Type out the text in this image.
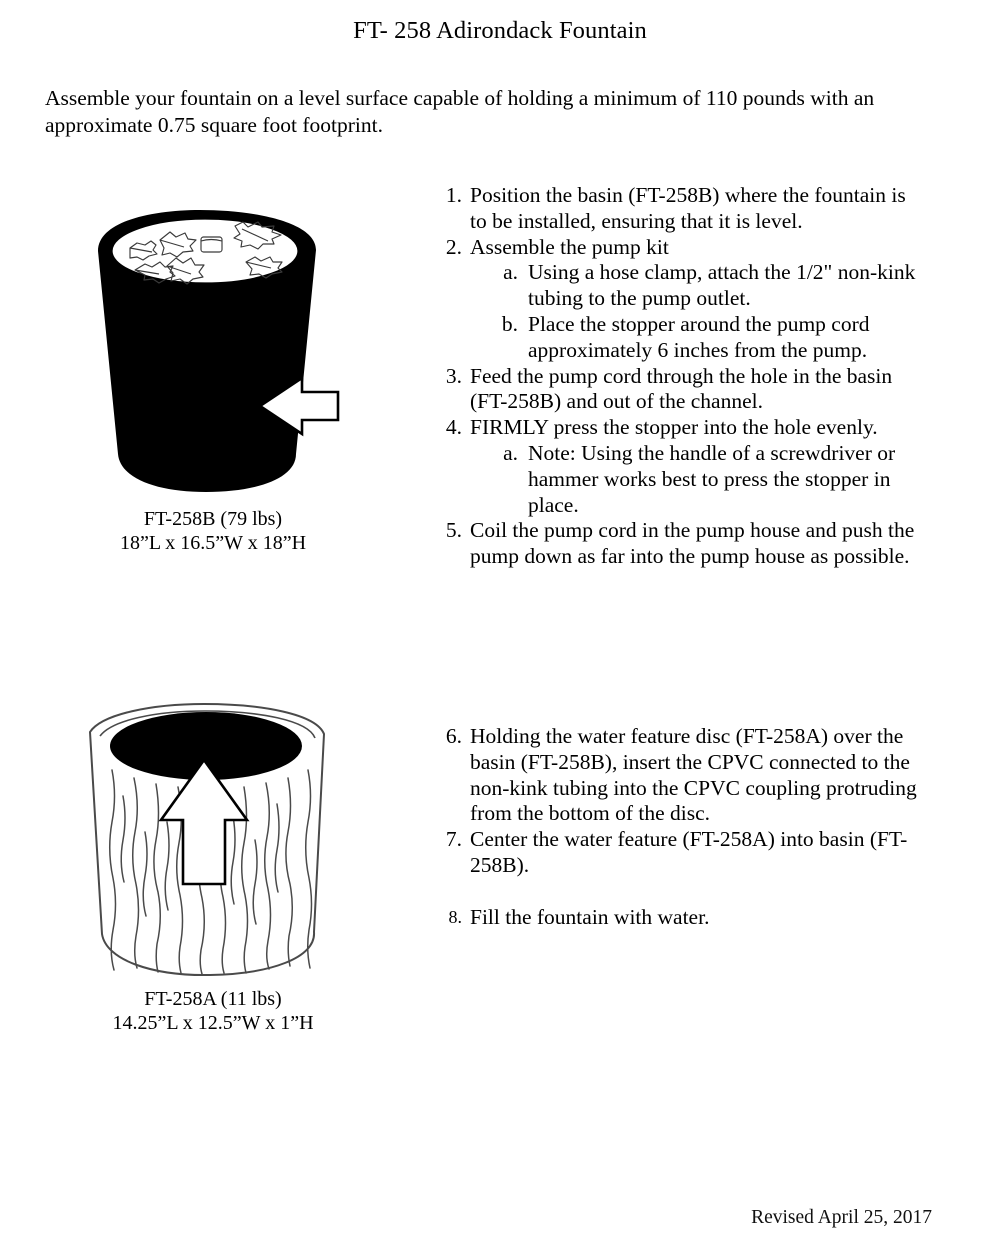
FT- 258 Adirondack Fountain
Assemble your fountain on a level surface capable of holding a minimum of 110 pounds with an approximate 0.75 square foot footprint.
FT-258B (79 lbs)
18”L x 16.5”W x 18”H
FT-258A (11 lbs)
14.25”L x 12.5”W x 1”H
1. Position the basin (FT-258B) where the fountain is to be installed, ensuring that it is level.
2. Assemble the pump kit
a. Using a hose clamp, attach the 1/2" non-kink tubing to the pump outlet.
b. Place the stopper around the pump cord approximately 6 inches from the pump.
3. Feed the pump cord through the hole in the basin (FT-258B) and out of the channel.
4. FIRMLY press the stopper into the hole evenly.
a. Note: Using the handle of a screwdriver or hammer works best to press the stopper in place.
5. Coil the pump cord in the pump house and push the pump down as far into the pump house as possible.
6. Holding the water feature disc (FT-258A) over the basin (FT-258B), insert the CPVC connected to the non-kink tubing into the CPVC coupling protruding from the bottom of the disc.
7. Center the water feature (FT-258A) into basin (FT-258B).
8. Fill the fountain with water.
Revised April 25, 2017
